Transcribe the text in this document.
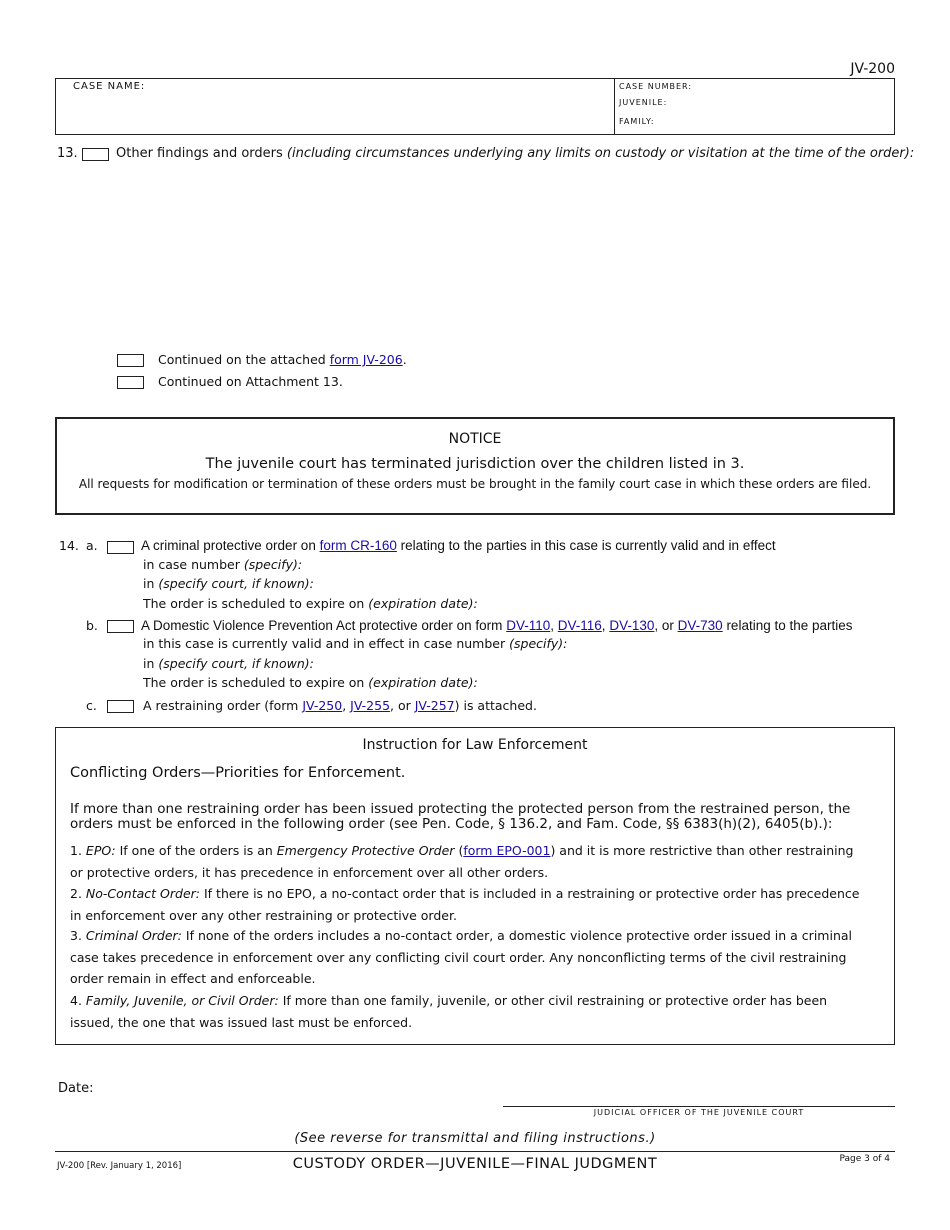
JV-200
CASE NAME:	CASE NUMBER:
JUVENILE:
FAMILY:
13.	Other findings and orders (including circumstances underlying any limits on custody or visitation at the time of the order):
Continued on the attached form JV-206.
Continued on Attachment 13.
NOTICE
The juvenile court has terminated jurisdiction over the children listed in 3.
All requests for modification or termination of these orders must be brought in the family court case in which these orders are filed.
14. a.	A criminal protective order on form CR-160 relating to the parties in this case is currently valid and in effect
in case number (specify):
in (specify court, if known):
The order is scheduled to expire on (expiration date):
b.	A Domestic Violence Prevention Act protective order on form DV-110, DV-116, DV-130, or DV-730 relating to the parties
in this case is currently valid and in effect in case number (specify):
in (specify court, if known):
The order is scheduled to expire on (expiration date):
c.	A restraining order (form JV-250, JV-255, or JV-257) is attached.
Instruction for Law Enforcement
Conflicting Orders—Priorities for Enforcement.
If more than one restraining order has been issued protecting the protected person from the restrained person, the orders must be enforced in the following order (see Pen. Code, § 136.2, and Fam. Code, §§ 6383(h)(2), 6405(b).):
1. EPO: If one of the orders is an Emergency Protective Order (form EPO-001) and it is more restrictive than other restraining or protective orders, it has precedence in enforcement over all other orders.
2. No-Contact Order: If there is no EPO, a no-contact order that is included in a restraining or protective order has precedence in enforcement over any other restraining or protective order.
3. Criminal Order: If none of the orders includes a no-contact order, a domestic violence protective order issued in a criminal case takes precedence in enforcement over any conflicting civil court order. Any nonconflicting terms of the civil restraining order remain in effect and enforceable.
4. Family, Juvenile, or Civil Order: If more than one family, juvenile, or other civil restraining or protective order has been issued, the one that was issued last must be enforced.
Date:
JUDICIAL OFFICER OF THE JUVENILE COURT
(See reverse for transmittal and filing instructions.)
JV-200 [Rev. January 1, 2016]	CUSTODY ORDER—JUVENILE—FINAL JUDGMENT	Page 3 of 4
